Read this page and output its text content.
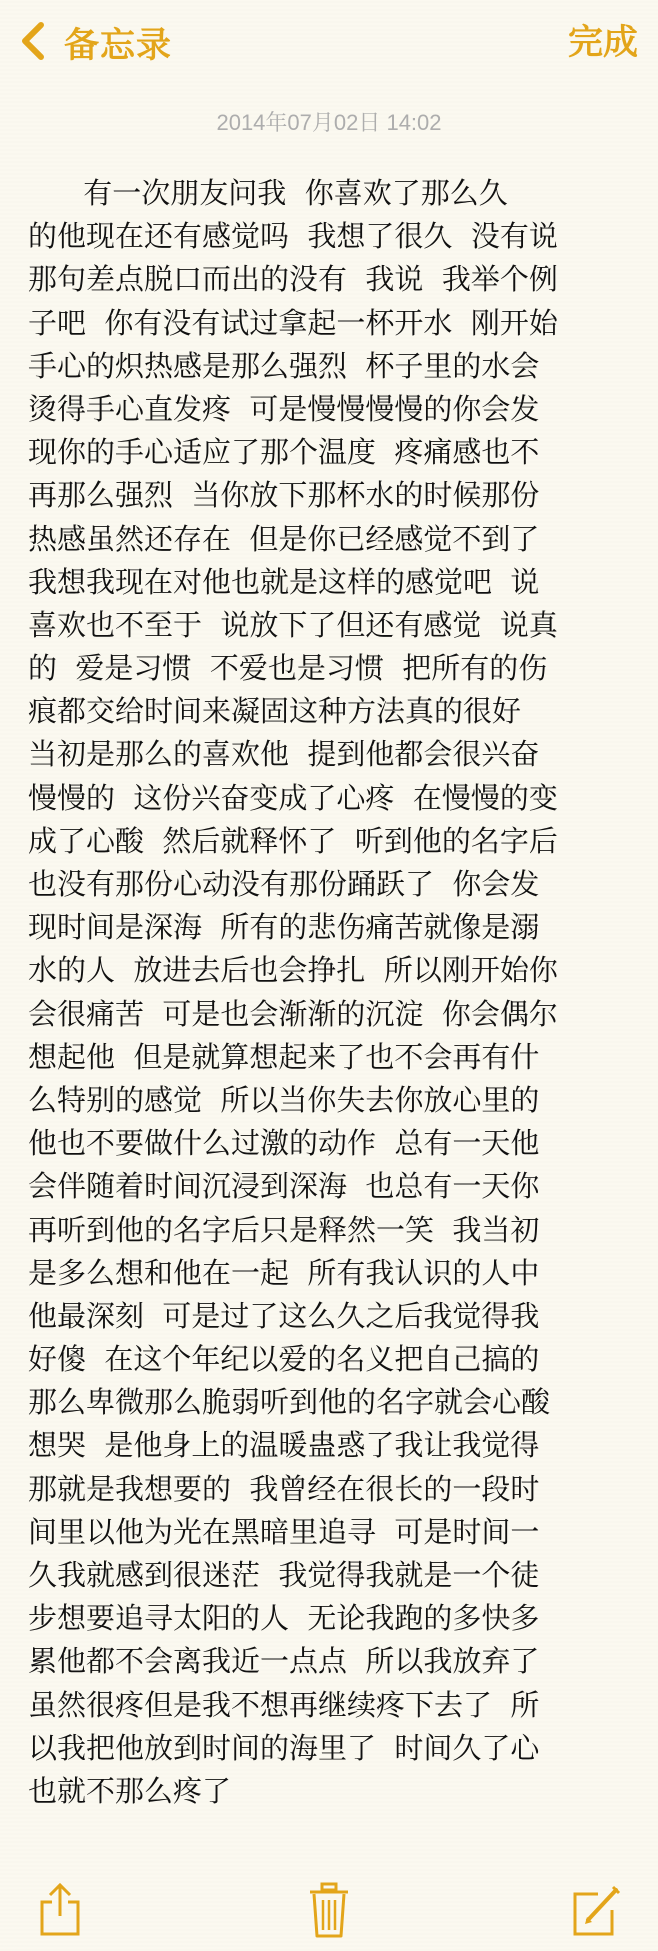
备忘录	完成
2014年07月02日 14:02
有一次朋友问我  你喜欢了那么久
的他现在还有感觉吗  我想了很久  没有说
那句差点脱口而出的没有  我说  我举个例
子吧  你有没有试过拿起一杯开水  刚开始
手心的炽热感是那么强烈  杯子里的水会
烫得手心直发疼  可是慢慢慢慢的你会发
现你的手心适应了那个温度  疼痛感也不
再那么强烈  当你放下那杯水的时候那份
热感虽然还存在  但是你已经感觉不到了
我想我现在对他也就是这样的感觉吧  说
喜欢也不至于  说放下了但还有感觉  说真
的  爱是习惯  不爱也是习惯  把所有的伤
痕都交给时间来凝固这种方法真的很好
当初是那么的喜欢他  提到他都会很兴奋
慢慢的  这份兴奋变成了心疼  在慢慢的变
成了心酸  然后就释怀了  听到他的名字后
也没有那份心动没有那份踊跃了  你会发
现时间是深海  所有的悲伤痛苦就像是溺
水的人  放进去后也会挣扎  所以刚开始你
会很痛苦  可是也会渐渐的沉淀  你会偶尔
想起他  但是就算想起来了也不会再有什
么特别的感觉  所以当你失去你放心里的
他也不要做什么过激的动作  总有一天他
会伴随着时间沉浸到深海  也总有一天你
再听到他的名字后只是释然一笑  我当初
是多么想和他在一起  所有我认识的人中
他最深刻  可是过了这么久之后我觉得我
好傻  在这个年纪以爱的名义把自己搞的
那么卑微那么脆弱听到他的名字就会心酸
想哭  是他身上的温暖蛊惑了我让我觉得
那就是我想要的  我曾经在很长的一段时
间里以他为光在黑暗里追寻  可是时间一
久我就感到很迷茫  我觉得我就是一个徒
步想要追寻太阳的人  无论我跑的多快多
累他都不会离我近一点点  所以我放弃了
虽然很疼但是我不想再继续疼下去了  所
以我把他放到时间的海里了  时间久了心
也就不那么疼了
